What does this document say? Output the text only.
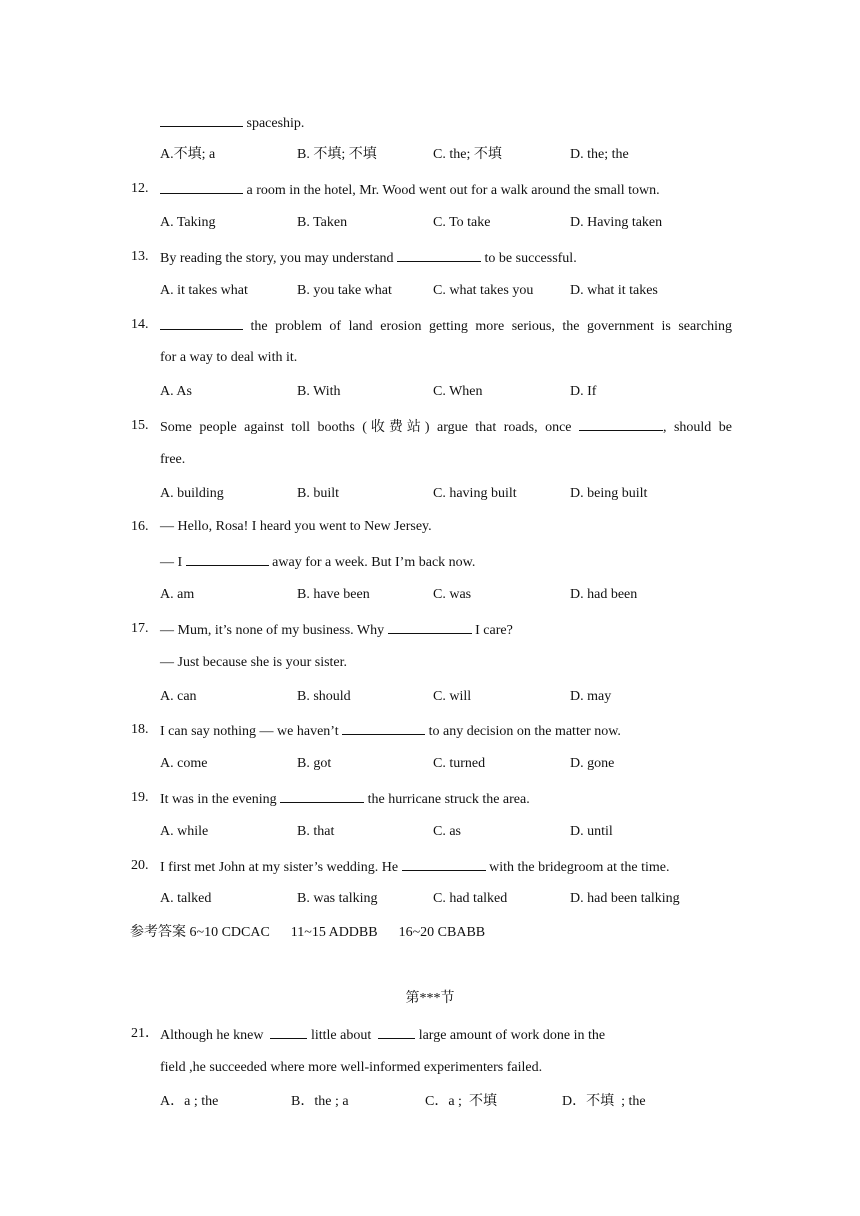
spaceship.
A.不填; a	B. 不填; 不填	C. the; 不填	D. the; the
12.	a room in the hotel, Mr. Wood went out for a walk around the small town.
A. Taking	B. Taken	C. To take	D. Having taken
13. By reading the story, you may understand	to be successful.
A. it takes what	B. you take what	C. what takes you	D. what it takes
14.	the problem of land erosion getting more serious, the government is searching
for a way to deal with it.
A. As	B. With	C. When	D. If
15. Some people against toll booths (收费站) argue that roads, once	, should be
free.
A. building	B. built	C. having built	D. being built
16. — Hello, Rosa! I heard you went to New Jersey.
— I	away for a week. But I’m back now.
A. am	B. have been	C. was	D. had been
17. — Mum, it’s none of my business. Why	I care?
— Just because she is your sister.
A. can	B. should	C. will	D. may
18. I can say nothing — we haven’t	to any decision on the matter now.
A. come	B. got	C. turned	D. gone
19. It was in the evening	the hurricane struck the area.
A. while	B. that	C. as	D. until
20. I first met John at my sister’s wedding. He	with the bridegroom at the time.
A. talked	B. was talking	C. had talked	D. had been talking
参考答案 6~10 CDCAC      11~15 ADDBB      16~20 CBABB
第***节
21． Although he knew	little about	large amount of work done in the
field ,he succeeded where more well-informed experimenters failed.
A．a ; the	B．the ; a	C．a ;  不填	D．不填  ; the
